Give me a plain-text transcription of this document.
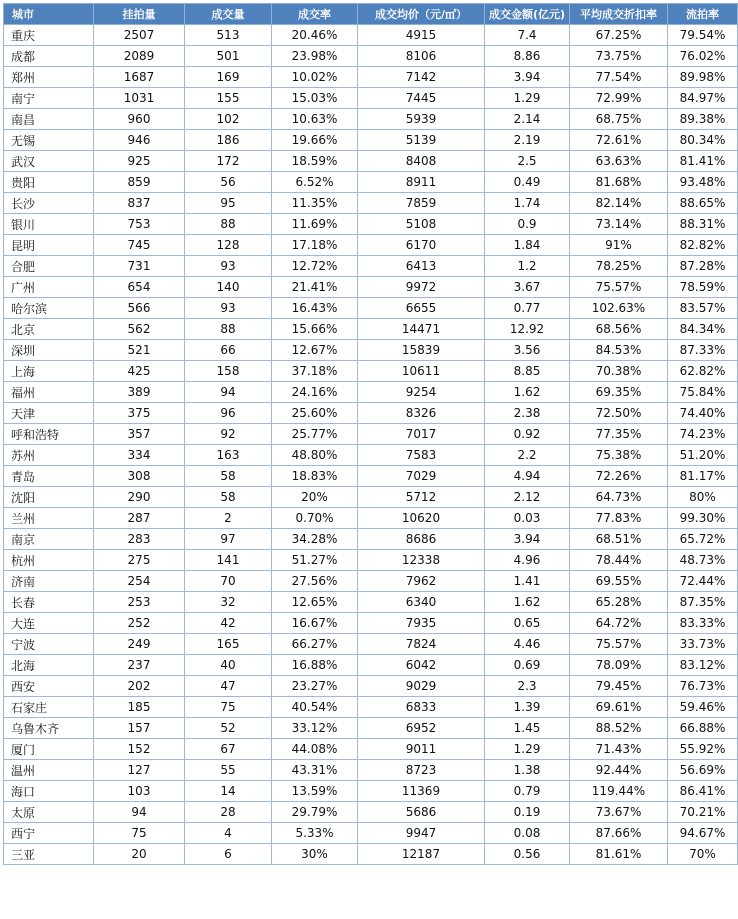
城市	挂拍量	成交量	成交率	成交均价（元/㎡）	成交金额(亿元)	平均成交折扣率	流拍率
重庆	2507	513	20.46%	4915	7.4	67.25%	79.54%
成都	2089	501	23.98%	8106	8.86	73.75%	76.02%
郑州	1687	169	10.02%	7142	3.94	77.54%	89.98%
南宁	1031	155	15.03%	7445	1.29	72.99%	84.97%
南昌	960	102	10.63%	5939	2.14	68.75%	89.38%
无锡	946	186	19.66%	5139	2.19	72.61%	80.34%
武汉	925	172	18.59%	8408	2.5	63.63%	81.41%
贵阳	859	56	6.52%	8911	0.49	81.68%	93.48%
长沙	837	95	11.35%	7859	1.74	82.14%	88.65%
银川	753	88	11.69%	5108	0.9	73.14%	88.31%
昆明	745	128	17.18%	6170	1.84	91%	82.82%
合肥	731	93	12.72%	6413	1.2	78.25%	87.28%
广州	654	140	21.41%	9972	3.67	75.57%	78.59%
哈尔滨	566	93	16.43%	6655	0.77	102.63%	83.57%
北京	562	88	15.66%	14471	12.92	68.56%	84.34%
深圳	521	66	12.67%	15839	3.56	84.53%	87.33%
上海	425	158	37.18%	10611	8.85	70.38%	62.82%
福州	389	94	24.16%	9254	1.62	69.35%	75.84%
天津	375	96	25.60%	8326	2.38	72.50%	74.40%
呼和浩特	357	92	25.77%	7017	0.92	77.35%	74.23%
苏州	334	163	48.80%	7583	2.2	75.38%	51.20%
青岛	308	58	18.83%	7029	4.94	72.26%	81.17%
沈阳	290	58	20%	5712	2.12	64.73%	80%
兰州	287	2	0.70%	10620	0.03	77.83%	99.30%
南京	283	97	34.28%	8686	3.94	68.51%	65.72%
杭州	275	141	51.27%	12338	4.96	78.44%	48.73%
济南	254	70	27.56%	7962	1.41	69.55%	72.44%
长春	253	32	12.65%	6340	1.62	65.28%	87.35%
大连	252	42	16.67%	7935	0.65	64.72%	83.33%
宁波	249	165	66.27%	7824	4.46	75.57%	33.73%
北海	237	40	16.88%	6042	0.69	78.09%	83.12%
西安	202	47	23.27%	9029	2.3	79.45%	76.73%
石家庄	185	75	40.54%	6833	1.39	69.61%	59.46%
乌鲁木齐	157	52	33.12%	6952	1.45	88.52%	66.88%
厦门	152	67	44.08%	9011	1.29	71.43%	55.92%
温州	127	55	43.31%	8723	1.38	92.44%	56.69%
海口	103	14	13.59%	11369	0.79	119.44%	86.41%
太原	94	28	29.79%	5686	0.19	73.67%	70.21%
西宁	75	4	5.33%	9947	0.08	87.66%	94.67%
三亚	20	6	30%	12187	0.56	81.61%	70%
